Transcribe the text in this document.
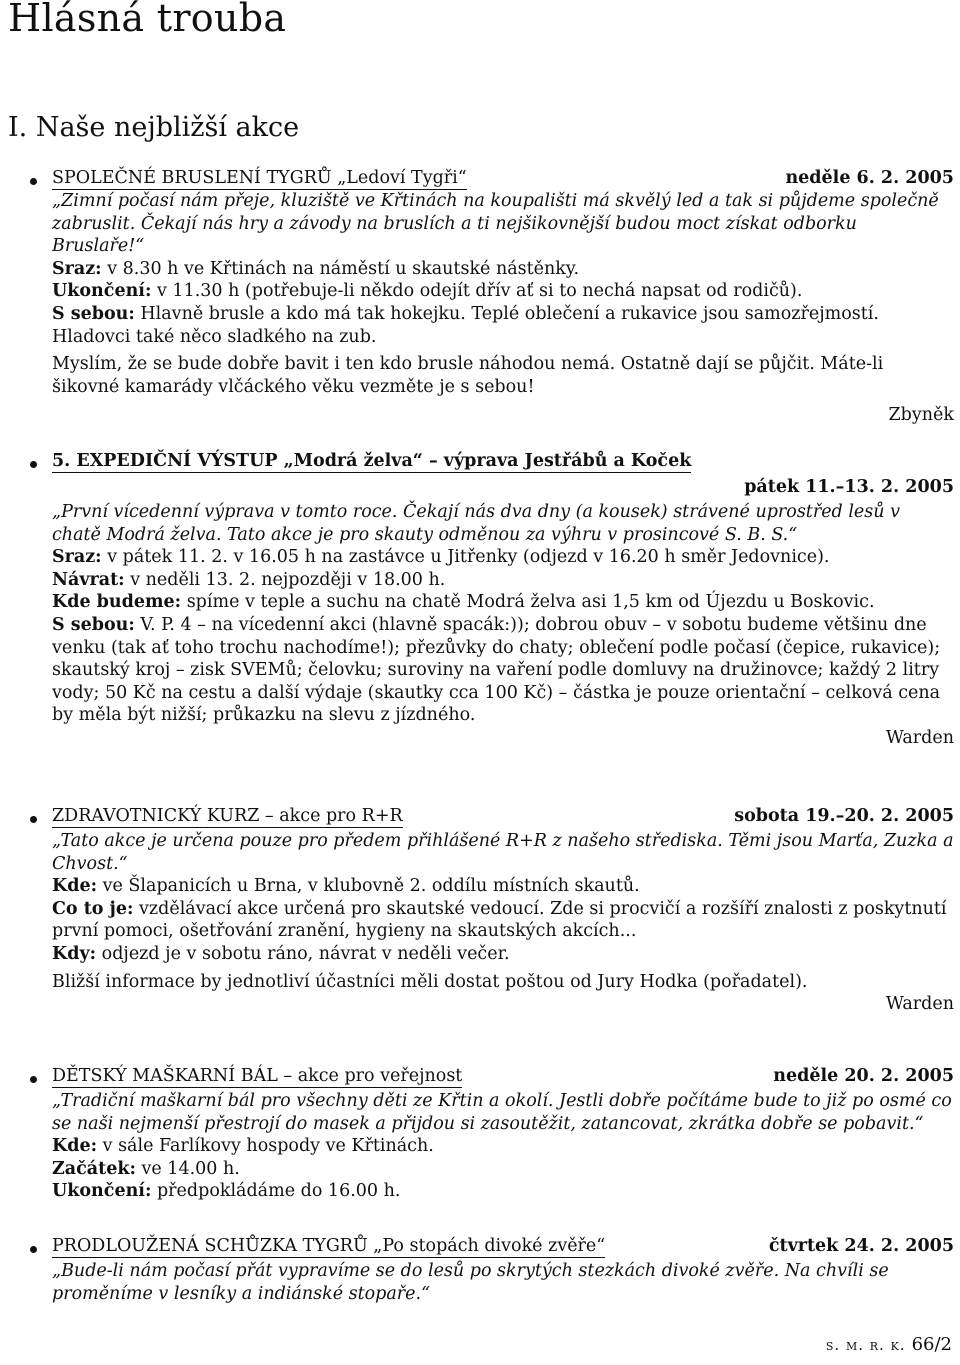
Hlásná trouba
I. Naše nejbližší akce
SPOLEČNÉ BRUSLENÍ TYGRŮ „Ledoví Tygři“	neděle 6. 2. 2005

„Zimní počasí nám přeje, kluziště ve Křtinách na koupališti má skvělý led a tak si půjdeme společně zabruslit. Čekají nás hry a závody na bruslích a ti nejšikovnější budou moct získat odborku Bruslaře!“

Sraz: v 8.30 h ve Křtinách na náměstí u skautské nástěnky.

Ukončení: v 11.30 h (potřebuje-li někdo odejít dřív ať si to nechá napsat od rodičů).

S sebou: Hlavně brusle a kdo má tak hokejku. Teplé oblečení a rukavice jsou samozřejmostí. Hladovci také něco sladkého na zub.

Myslím, že se bude dobře bavit i ten kdo brusle náhodou nemá. Ostatně dají se půjčit. Máte-li šikovné kamarády vlčáckého věku vezměte je s sebou!

Zbyněk

5. EXPEDIČNÍ VÝSTUP „Modrá želva“ – výprava Jestřábů a Koček
pátek 11.–13. 2. 2005

„První vícedenní výprava v tomto roce. Čekají nás dva dny (a kousek) strávené uprostřed lesů v chatě Modrá želva. Tato akce je pro skauty odměnou za výhru v prosincové S. B. S.“

Sraz: v pátek 11. 2. v 16.05 h na zastávce u Jitřenky (odjezd v 16.20 h směr Jedovnice).

Návrat: v neděli 13. 2. nejpozději v 18.00 h.

Kde budeme: spíme v teple a suchu na chatě Modrá želva asi 1,5 km od Újezdu u Boskovic.

S sebou: V. P. 4 – na vícedenní akci (hlavně spacák:)); dobrou obuv – v sobotu budeme většinu dne venku (tak ať toho trochu nachodíme!); přezůvky do chaty; oblečení podle počasí (čepice, rukavice); skautský kroj – zisk SVEMů; čelovku; suroviny na vaření podle domluvy na družinovce; každý 2 litry vody; 50 Kč na cestu a další výdaje (skautky cca 100 Kč) – částka je pouze orientační – celková cena by měla být nižší; průkazku na slevu z jízdného.

Warden

ZDRAVOTNICKÝ KURZ – akce pro R+R	sobota 19.–20. 2. 2005

„Tato akce je určena pouze pro předem přihlášené R+R z našeho střediska. Těmi jsou Marťa, Zuzka a Chvost.“

Kde: ve Šlapanicích u Brna, v klubovně 2. oddílu místních skautů.

Co to je: vzdělávací akce určená pro skautské vedoucí. Zde si procvičí a rozšíří znalosti z poskytnutí první pomoci, ošetřování zranění, hygieny na skautských akcích...

Kdy: odjezd je v sobotu ráno, návrat v neděli večer.

Bližší informace by jednotliví účastníci měli dostat poštou od Jury Hodka (pořadatel).

Warden

DĚTSKÝ MAŠKARNÍ BÁL – akce pro veřejnost	neděle 20. 2. 2005

„Tradiční maškarní bál pro všechny děti ze Křtin a okolí. Jestli dobře počítáme bude to již po osmé co se naši nejmenší přestrojí do masek a přijdou si zasoutěžit, zatancovat, zkrátka dobře se pobavit.“

Kde: v sále Farlíkovy hospody ve Křtinách.

Začátek: ve 14.00 h.

Ukončení: předpokládáme do 16.00 h.

PRODLOUŽENÁ SCHŮZKA TYGRŮ „Po stopách divoké zvěře“	čtvrtek 24. 2. 2005

„Bude-li nám počasí přát vypravíme se do lesů po skrytých stezkách divoké zvěře. Na chvíli se proměníme v lesníky a indiánské stopaře.“

s. m. r. k. 66/2
